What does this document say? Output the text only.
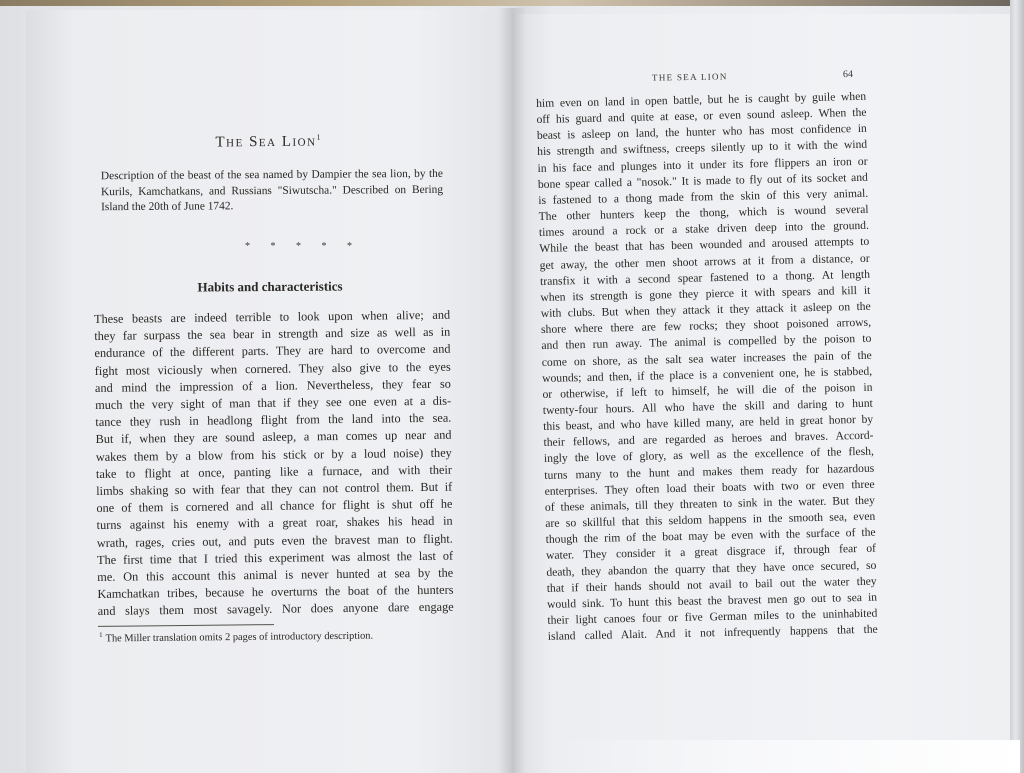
The Sea Lion$^1$
Description of the beast of the sea named by Dampier the sea lion, by the Kurils, Kamchatkans, and Russians "Siwutscha." Described on Bering Island the 20th of June 1742.
* * * * *
Habits and characteristics
These beasts are indeed terrible to look upon when alive; and
they far surpass the sea bear in strength and size as well as in
endurance of the different parts. They are hard to overcome and
fight most viciously when cornered. They also give to the eyes
and mind the impression of a lion. Nevertheless, they fear so
much the very sight of man that if they see one even at a dis-
tance they rush in headlong flight from the land into the sea.
But if, when they are sound asleep, a man comes up near and
wakes them by a blow from his stick or by a loud noise) they
take to flight at once, panting like a furnace, and with their
limbs shaking so with fear that they can not control them. But if
one of them is cornered and all chance for flight is shut off he
turns against his enemy with a great roar, shakes his head in
wrath, rages, cries out, and puts even the bravest man to flight.
The first time that I tried this experiment was almost the last of
me. On this account this animal is never hunted at sea by the
Kamchatkan tribes, because he overturns the boat of the hunters
and slays them most savagely. Nor does anyone dare engage
$^1$ The Miller translation omits 2 pages of introductory description.
THE SEA LION	64
him even on land in open battle, but he is caught by guile when
off his guard and quite at ease, or even sound asleep. When the
beast is asleep on land, the hunter who has most confidence in
his strength and swiftness, creeps silently up to it with the wind
in his face and plunges into it under its fore flippers an iron or
bone spear called a "nosok." It is made to fly out of its socket and
is fastened to a thong made from the skin of this very animal.
The other hunters keep the thong, which is wound several
times around a rock or a stake driven deep into the ground.
While the beast that has been wounded and aroused attempts to
get away, the other men shoot arrows at it from a distance, or
transfix it with a second spear fastened to a thong. At length
when its strength is gone they pierce it with spears and kill it
with clubs. But when they attack it they attack it asleep on the
shore where there are few rocks; they shoot poisoned arrows,
and then run away. The animal is compelled by the poison to
come on shore, as the salt sea water increases the pain of the
wounds; and then, if the place is a convenient one, he is stabbed,
or otherwise, if left to himself, he will die of the poison in
twenty-four hours. All who have the skill and daring to hunt
this beast, and who have killed many, are held in great honor by
their fellows, and are regarded as heroes and braves. Accord-
ingly the love of glory, as well as the excellence of the flesh,
turns many to the hunt and makes them ready for hazardous
enterprises. They often load their boats with two or even three
of these animals, till they threaten to sink in the water. But they
are so skillful that this seldom happens in the smooth sea, even
though the rim of the boat may be even with the surface of the
water. They consider it a great disgrace if, through fear of
death, they abandon the quarry that they have once secured, so
that if their hands should not avail to bail out the water they
would sink. To hunt this beast the bravest men go out to sea in
their light canoes four or five German miles to the uninhabited
island called Alait. And it not infrequently happens that the
